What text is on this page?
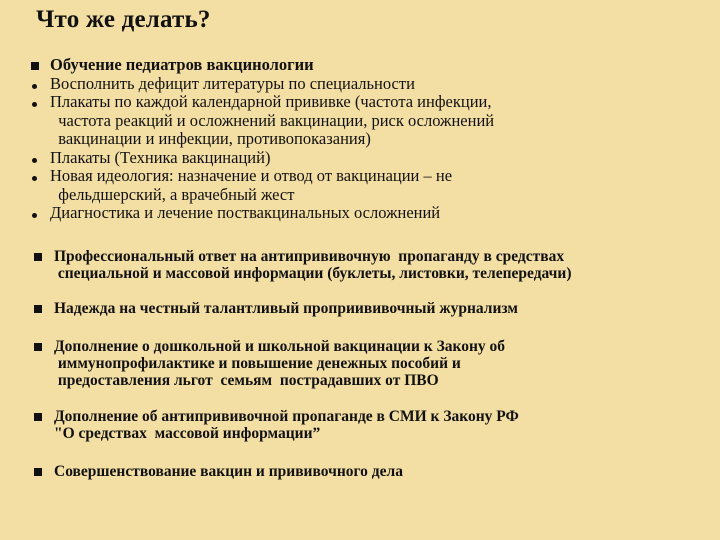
Что же делать?
Обучение педиатров вакцинологии
Восполнить дефицит литературы по специальности
Плакаты по каждой календарной прививке (частота инфекции,
частота реакций и осложнений вакцинации, риск осложнений
вакцинации и инфекции, противопоказания)
Плакаты (Техника вакцинаций)
Новая идеология: назначение и отвод от вакцинации – не
фельдшерский, а врачебный жест
Диагностика и лечение поствакцинальных осложнений
Профессиональный ответ на антипрививочную  пропаганду в средствах
специальной и массовой информации (буклеты, листовки, телепередачи)
Надежда на честный талантливый проприививочный журнализм
Дополнение о дошкольной и школьной вакцинации к Закону об
иммунопрофилактике и повышение денежных пособий и
предоставления льгот  семьям  пострадавших от ПВО
Дополнение об антипрививочной пропаганде в СМИ к Закону РФ
"О средствах  массовой информации”
Совершенствование вакцин и прививочного дела
